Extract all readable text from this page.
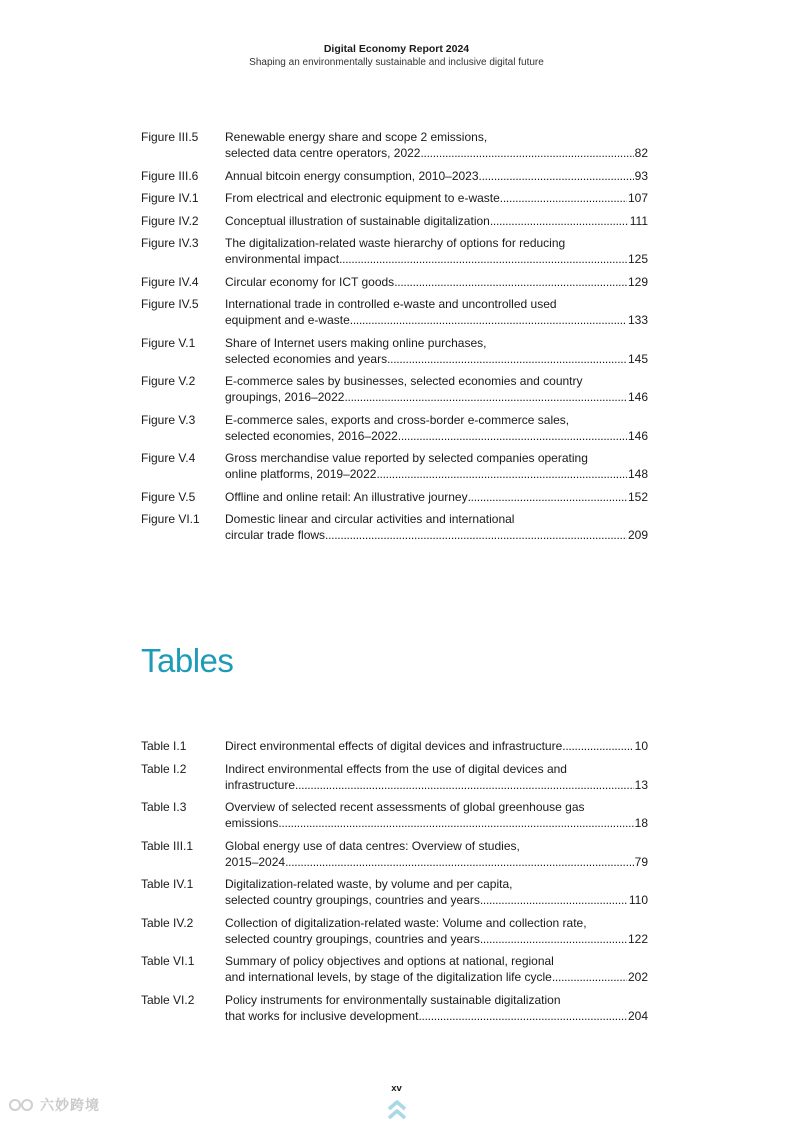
Digital Economy Report 2024
Shaping an environmentally sustainable and inclusive digital future
Figure III.5	Renewable energy share and scope 2 emissions,
selected data centre operators, 2022 . . .	82
Figure III.6	Annual bitcoin energy consumption, 2010–2023 . . .	93
Figure IV.1	From electrical and electronic equipment to e-waste . . .	107
Figure IV.2	Conceptual illustration of sustainable digitalization . . .	111
Figure IV.3	The digitalization-related waste hierarchy of options for reducing
environmental impact . . .	125
Figure IV.4	Circular economy for ICT goods . . .	129
Figure IV.5	International trade in controlled e-waste and uncontrolled used
equipment and e-waste . . .	133
Figure V.1	Share of Internet users making online purchases,
selected economies and years . . .	145
Figure V.2	E-commerce sales by businesses, selected economies and country
groupings, 2016–2022 . . .	146
Figure V.3	E-commerce sales, exports and cross-border e-commerce sales,
selected economies, 2016–2022 . . .	146
Figure V.4	Gross merchandise value reported by selected companies operating
online platforms, 2019–2022 . . .	148
Figure V.5	Offline and online retail: An illustrative journey . . .	152
Figure VI.1	Domestic linear and circular activities and international
circular trade flows . . .	209
Tables
Table I.1	Direct environmental effects of digital devices and infrastructure . . .	10
Table I.2	Indirect environmental effects from the use of digital devices and
infrastructure . . .	13
Table I.3	Overview of selected recent assessments of global greenhouse gas
emissions . . .	18
Table III.1	Global energy use of data centres: Overview of studies,
2015–2024 . . .	79
Table IV.1	Digitalization-related waste, by volume and per capita,
selected country groupings, countries and years . . .	110
Table IV.2	Collection of digitalization-related waste: Volume and collection rate,
selected country groupings, countries and years . . .	122
Table VI.1	Summary of policy objectives and options at national, regional
and international levels, by stage of the digitalization life cycle . . .	202
Table VI.2	Policy instruments for environmentally sustainable digitalization
that works for inclusive development . . .	204
xv
六妙跨境
